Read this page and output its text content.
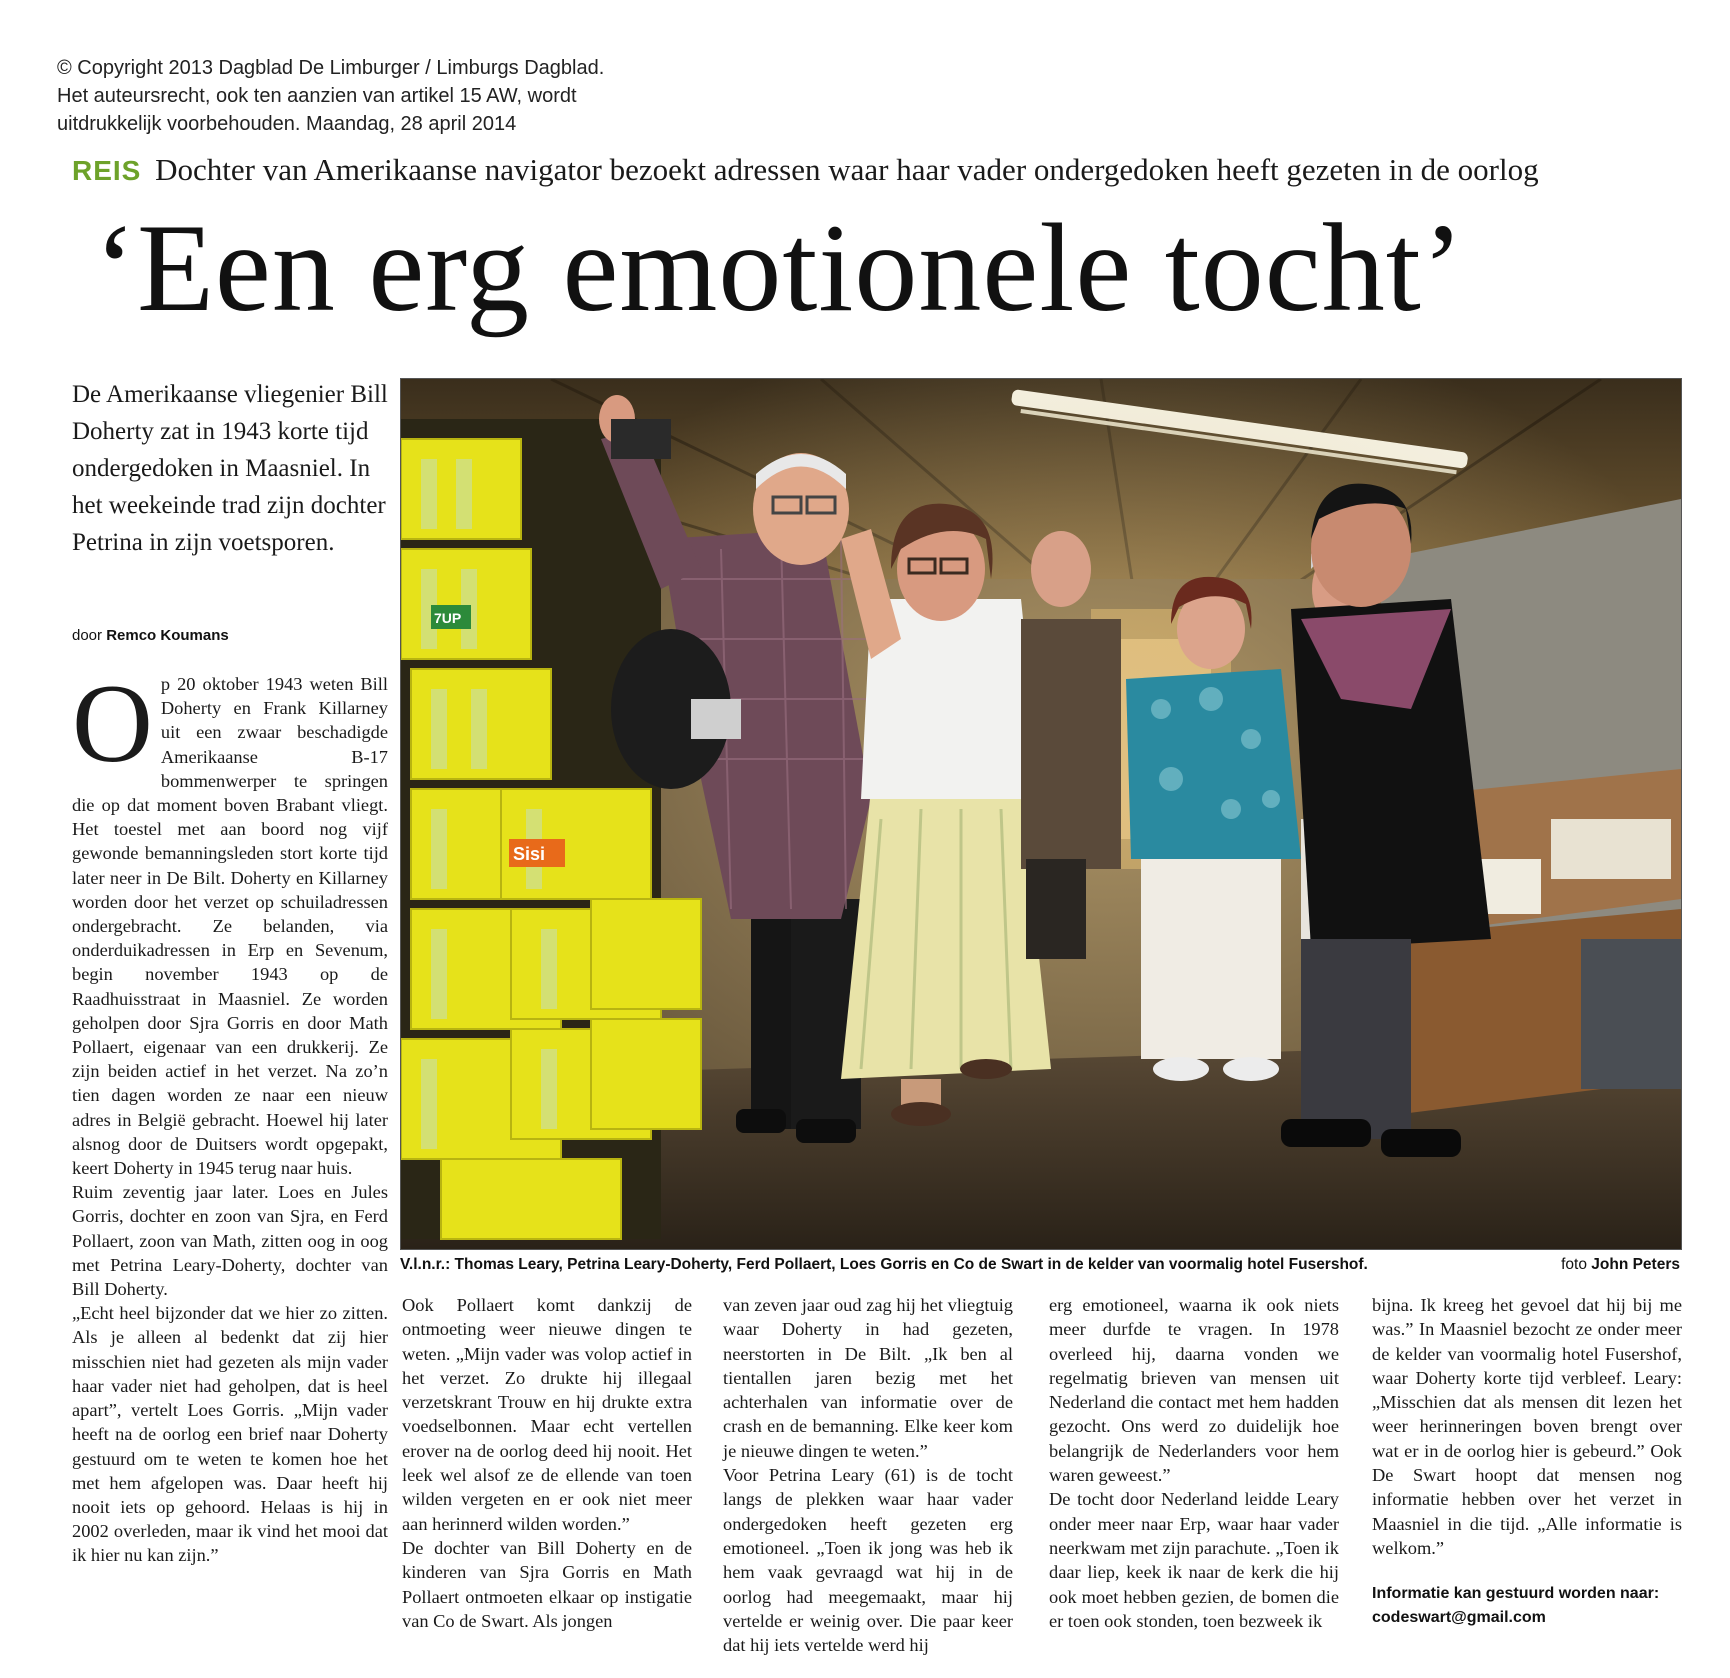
© Copyright 2013 Dagblad De Limburger / Limburgs Dagblad.
Het auteursrecht, ook ten aanzien van artikel 15 AW, wordt
uitdrukkelijk voorbehouden. Maandag, 28 april 2014
REIS Dochter van Amerikaanse navigator bezoekt adressen waar haar vader ondergedoken heeft gezeten in de oorlog
‘Een erg emotionele tocht’

De Amerikaanse vliegenier Bill Doherty zat in 1943 korte tijd ondergedoken in Maasniel. In het weekeinde trad zijn dochter Petrina in zijn voetsporen.

door Remco Koumans

Op 20 oktober 1943 weten Bill Doherty en Frank Killarney uit een zwaar beschadigde Amerikaanse B-17 bommenwerper te springen die op dat moment boven Brabant vliegt. Het toestel met aan boord nog vijf gewonde bemanningsleden stort korte tijd later neer in De Bilt. Doherty en Killarney worden door het verzet op schuiladressen ondergebracht. Ze belanden, via onderduikadressen in Erp en Sevenum, begin november 1943 op de Raadhuisstraat in Maasniel. Ze worden geholpen door Sjra Gorris en door Math Pollaert, eigenaar van een drukkerij. Ze zijn beiden actief in het verzet. Na zo’n tien dagen worden ze naar een nieuw adres in België gebracht. Hoewel hij later alsnog door de Duitsers wordt opgepakt, keert Doherty in 1945 terug naar huis.

Ruim zeventig jaar later. Loes en Jules Gorris, dochter en zoon van Sjra, en Ferd Pollaert, zoon van Math, zitten oog in oog met Petrina Leary-Doherty, dochter van Bill Doherty.

„Echt heel bijzonder dat we hier zo zitten. Als je alleen al bedenkt dat zij hier misschien niet had gezeten als mijn vader haar vader niet had geholpen, dat is heel apart”, vertelt Loes Gorris. „Mijn vader heeft na de oorlog een brief naar Doherty gestuurd om te weten te komen hoe het met hem afgelopen was. Daar heeft hij nooit iets op gehoord. Helaas is hij in 2002 overleden, maar ik vind het mooi dat ik hier nu kan zijn.”

Sisi
7UP
V.l.n.r.: Thomas Leary, Petrina Leary-Doherty, Ferd Pollaert, Loes Gorris en Co de Swart in de kelder van voormalig hotel Fusershof.	foto John Peters

Ook Pollaert komt dankzij de ontmoeting weer nieuwe dingen te weten. „Mijn vader was volop actief in het verzet. Zo drukte hij illegaal verzetskrant Trouw en hij drukte extra voedselbonnen. Maar echt vertellen erover na de oorlog deed hij nooit. Het leek wel alsof ze de ellende van toen wilden vergeten en er ook niet meer aan herinnerd wilden worden.”

De dochter van Bill Doherty en de kinderen van Sjra Gorris en Math Pollaert ontmoeten elkaar op instigatie van Co de Swart. Als jongen

van zeven jaar oud zag hij het vliegtuig waar Doherty in had gezeten, neerstorten in De Bilt. „Ik ben al tientallen jaren bezig met het achterhalen van informatie over de crash en de bemanning. Elke keer kom je nieuwe dingen te weten.”

Voor Petrina Leary (61) is de tocht langs de plekken waar haar vader ondergedoken heeft gezeten erg emotioneel. „Toen ik jong was heb ik hem vaak gevraagd wat hij in de oorlog had meegemaakt, maar hij vertelde er weinig over. Die paar keer dat hij iets vertelde werd hij

erg emotioneel, waarna ik ook niets meer durfde te vragen. In 1978 overleed hij, daarna vonden we regelmatig brieven van mensen uit Nederland die contact met hem hadden gezocht. Ons werd zo duidelijk hoe belangrijk de Nederlanders voor hem waren geweest.”

De tocht door Nederland leidde Leary onder meer naar Erp, waar haar vader neerkwam met zijn parachute. „Toen ik daar liep, keek ik naar de kerk die hij ook moet hebben gezien, de bomen die er toen ook stonden, toen bezweek ik

bijna. Ik kreeg het gevoel dat hij bij me was.” In Maasniel bezocht ze onder meer de kelder van voormalig hotel Fusershof, waar Doherty korte tijd verbleef. Leary: „Misschien dat als mensen dit lezen het weer herinneringen boven brengt over wat er in de oorlog hier is gebeurd.” Ook De Swart hoopt dat mensen nog informatie hebben over het verzet in Maasniel in die tijd. „Alle informatie is welkom.”

Informatie kan gestuurd worden naar:
codeswart@gmail.com
